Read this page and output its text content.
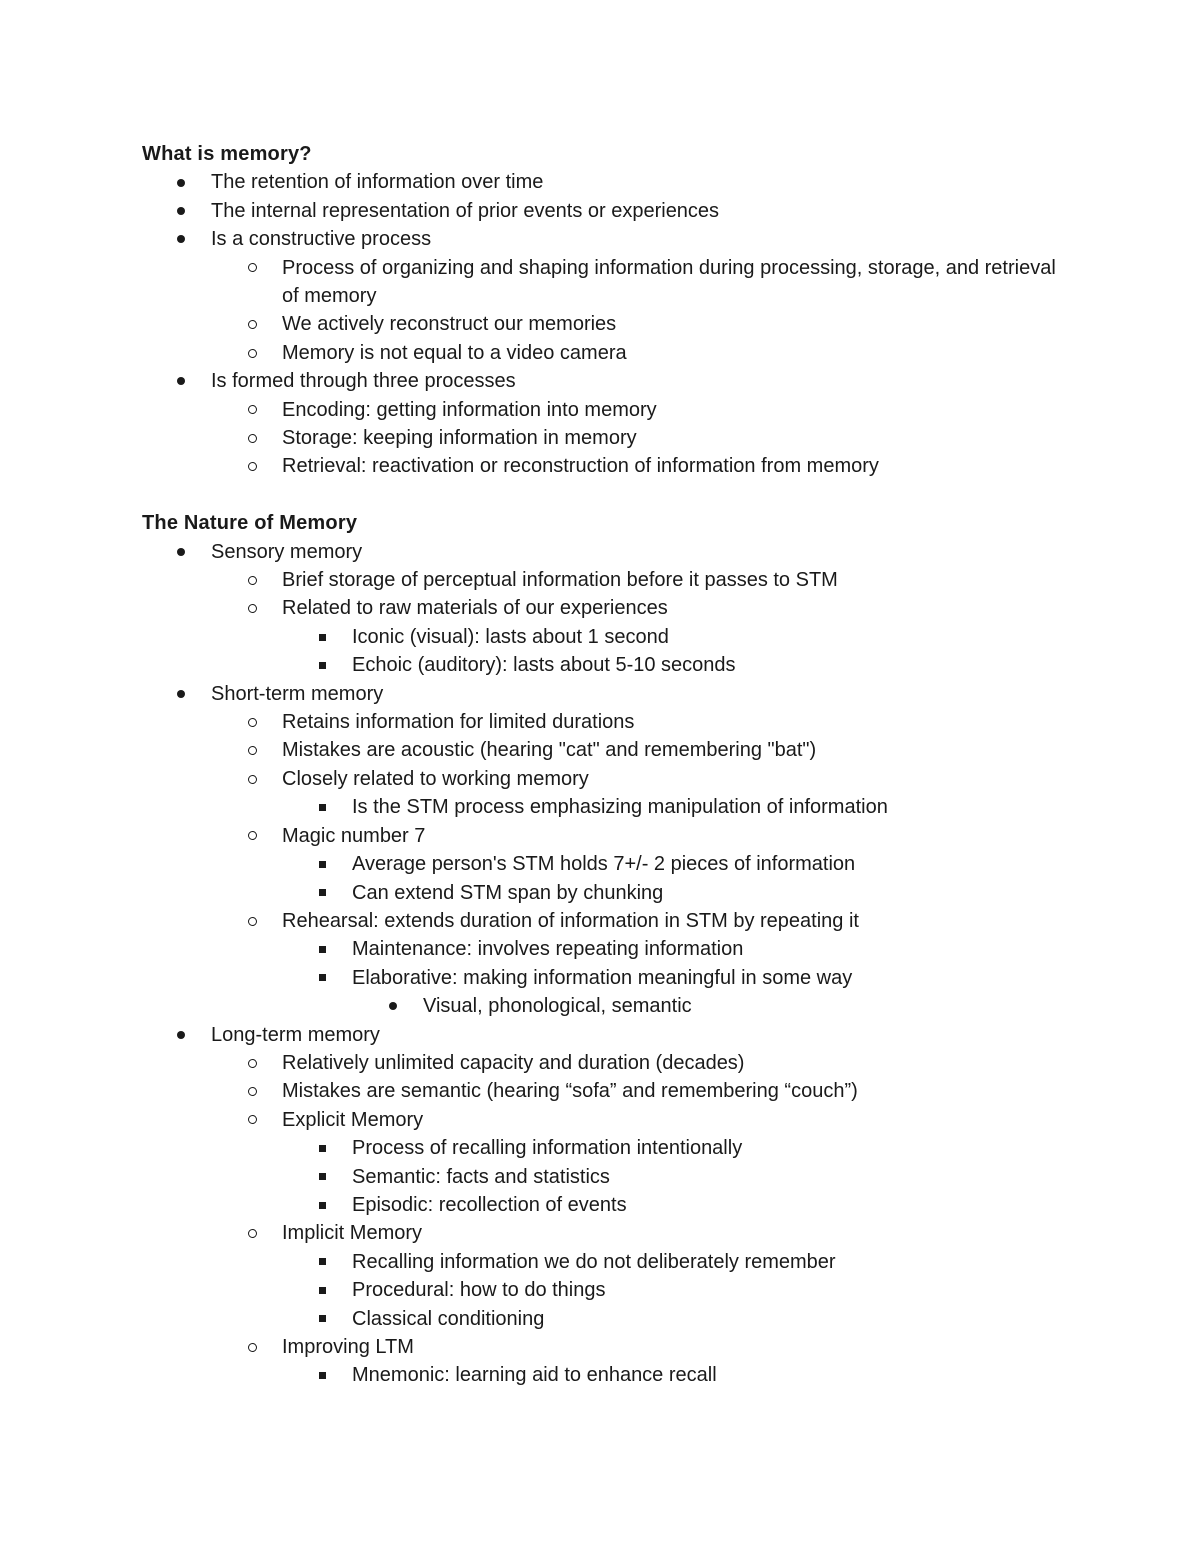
What is memory?
The retention of information over time
The internal representation of prior events or experiences
Is a constructive process
Process of organizing and shaping information during processing, storage, and retrieval of memory
We actively reconstruct our memories
Memory is not equal to a video camera
Is formed through three processes
Encoding: getting information into memory
Storage: keeping information in memory
Retrieval: reactivation or reconstruction of information from memory
The Nature of Memory
Sensory memory
Brief storage of perceptual information before it passes to STM
Related to raw materials of our experiences
Iconic (visual): lasts about 1 second
Echoic (auditory): lasts about 5-10 seconds
Short-term memory
Retains information for limited durations
Mistakes are acoustic (hearing "cat" and remembering "bat")
Closely related to working memory
Is the STM process emphasizing manipulation of information
Magic number 7
Average person's STM holds 7+/- 2 pieces of information
Can extend STM span by chunking
Rehearsal: extends duration of information in STM by repeating it
Maintenance: involves repeating information
Elaborative: making information meaningful in some way
Visual, phonological, semantic
Long-term memory
Relatively unlimited capacity and duration (decades)
Mistakes are semantic (hearing “sofa” and remembering “couch”)
Explicit Memory
Process of recalling information intentionally
Semantic: facts and statistics
Episodic: recollection of events
Implicit Memory
Recalling information we do not deliberately remember
Procedural: how to do things
Classical conditioning
Improving LTM
Mnemonic: learning aid to enhance recall
